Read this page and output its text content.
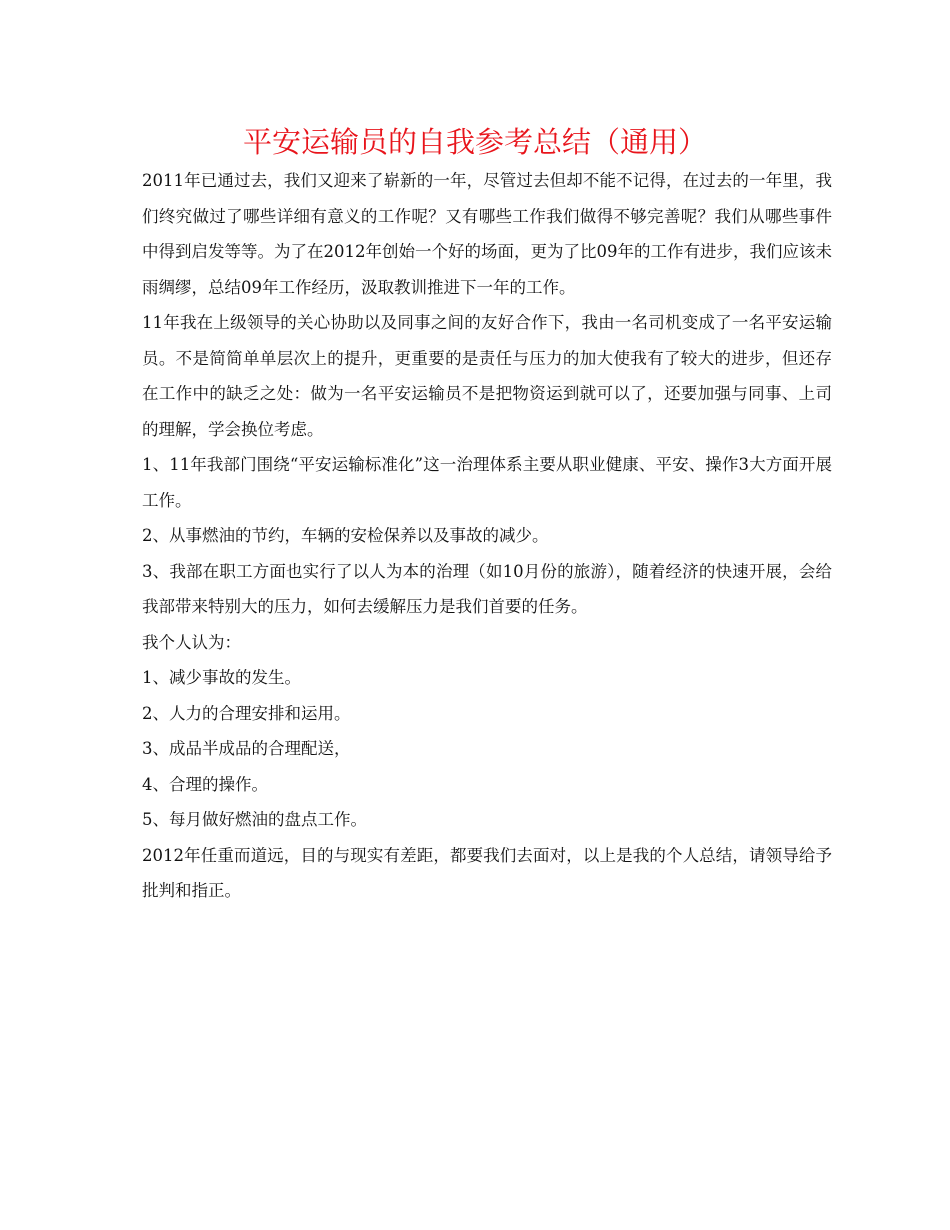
平安运输员的自我参考总结（通用）

2011年已通过去，我们又迎来了崭新的一年，尽管过去但却不能不记得，在过去的一年里，我们终究做过了哪些详细有意义的工作呢？又有哪些工作我们做得不够完善呢？我们从哪些事件中得到启发等等。为了在2012年创始一个好的场面，更为了比09年的工作有进步，我们应该未雨绸缪，总结09年工作经历，汲取教训推进下一年的工作。

11年我在上级领导的关心协助以及同事之间的友好合作下，我由一名司机变成了一名平安运输员。不是简简单单层次上的提升，更重要的是责任与压力的加大使我有了较大的进步，但还存在工作中的缺乏之处：做为一名平安运输员不是把物资运到就可以了，还要加强与同事、上司的理解，学会换位考虑。

1、11年我部门围绕“平安运输标准化”这一治理体系主要从职业健康、平安、操作3大方面开展工作。

2、从事燃油的节约，车辆的安检保养以及事故的减少。

3、我部在职工方面也实行了以人为本的治理（如10月份的旅游），随着经济的快速开展，会给我部带来特别大的压力，如何去缓解压力是我们首要的任务。

我个人认为：

1、减少事故的发生。

2、人力的合理安排和运用。

3、成品半成品的合理配送，

4、合理的操作。

5、每月做好燃油的盘点工作。

2012年任重而道远，目的与现实有差距，都要我们去面对，以上是我的个人总结，请领导给予批判和指正。
